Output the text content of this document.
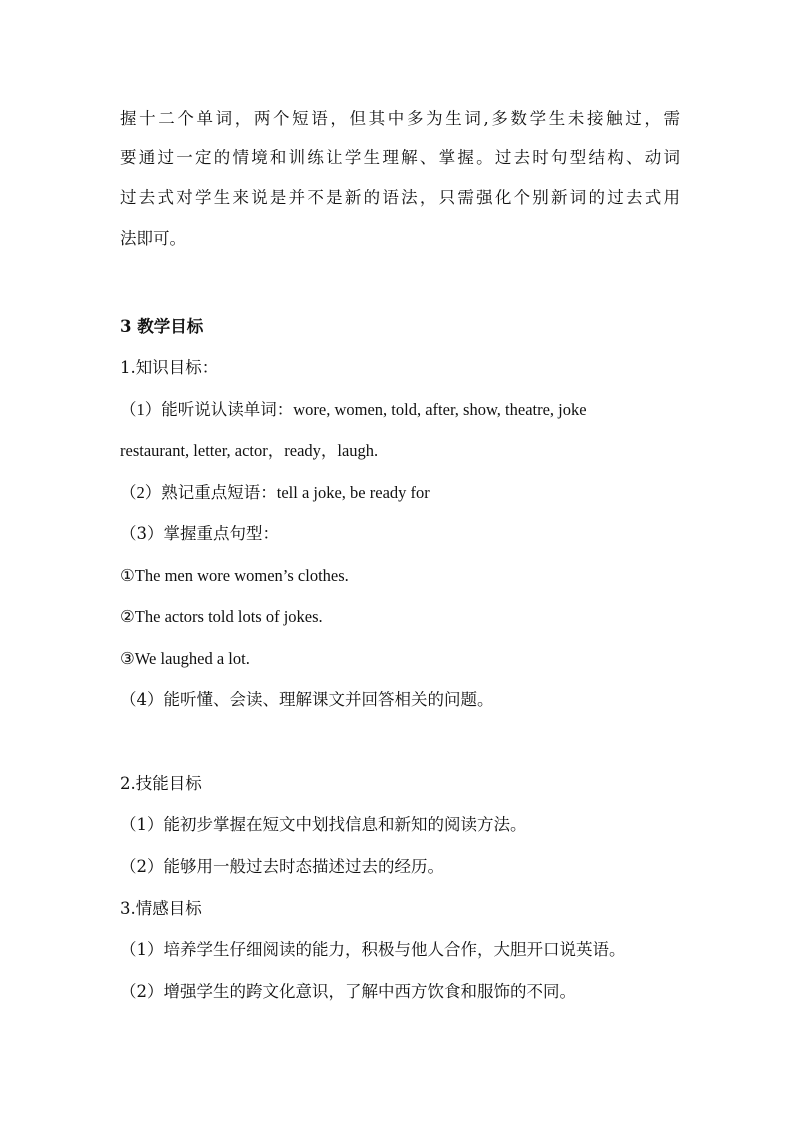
握十二个单词，两个短语，但其中多为生词,多数学生未接触过，需
要通过一定的情境和训练让学生理解、掌握。过去时句型结构、动词
过去式对学生来说是并不是新的语法，只需强化个别新词的过去式用
法即可。
3 教学目标
1.知识目标：
（1）能听说认读单词：wore, women, told, after, show, theatre, joke
restaurant, letter, actor，ready，laugh.
（2）熟记重点短语：tell a joke, be ready for
（3）掌握重点句型：
①The men wore women’s clothes.
②The actors told lots of jokes.
③We laughed a lot.
（4）能听懂、会读、理解课文并回答相关的问题。
2.技能目标
（1）能初步掌握在短文中划找信息和新知的阅读方法。
（2）能够用一般过去时态描述过去的经历。
3.情感目标
（1）培养学生仔细阅读的能力，积极与他人合作，大胆开口说英语。
（2）增强学生的跨文化意识，了解中西方饮食和服饰的不同。
